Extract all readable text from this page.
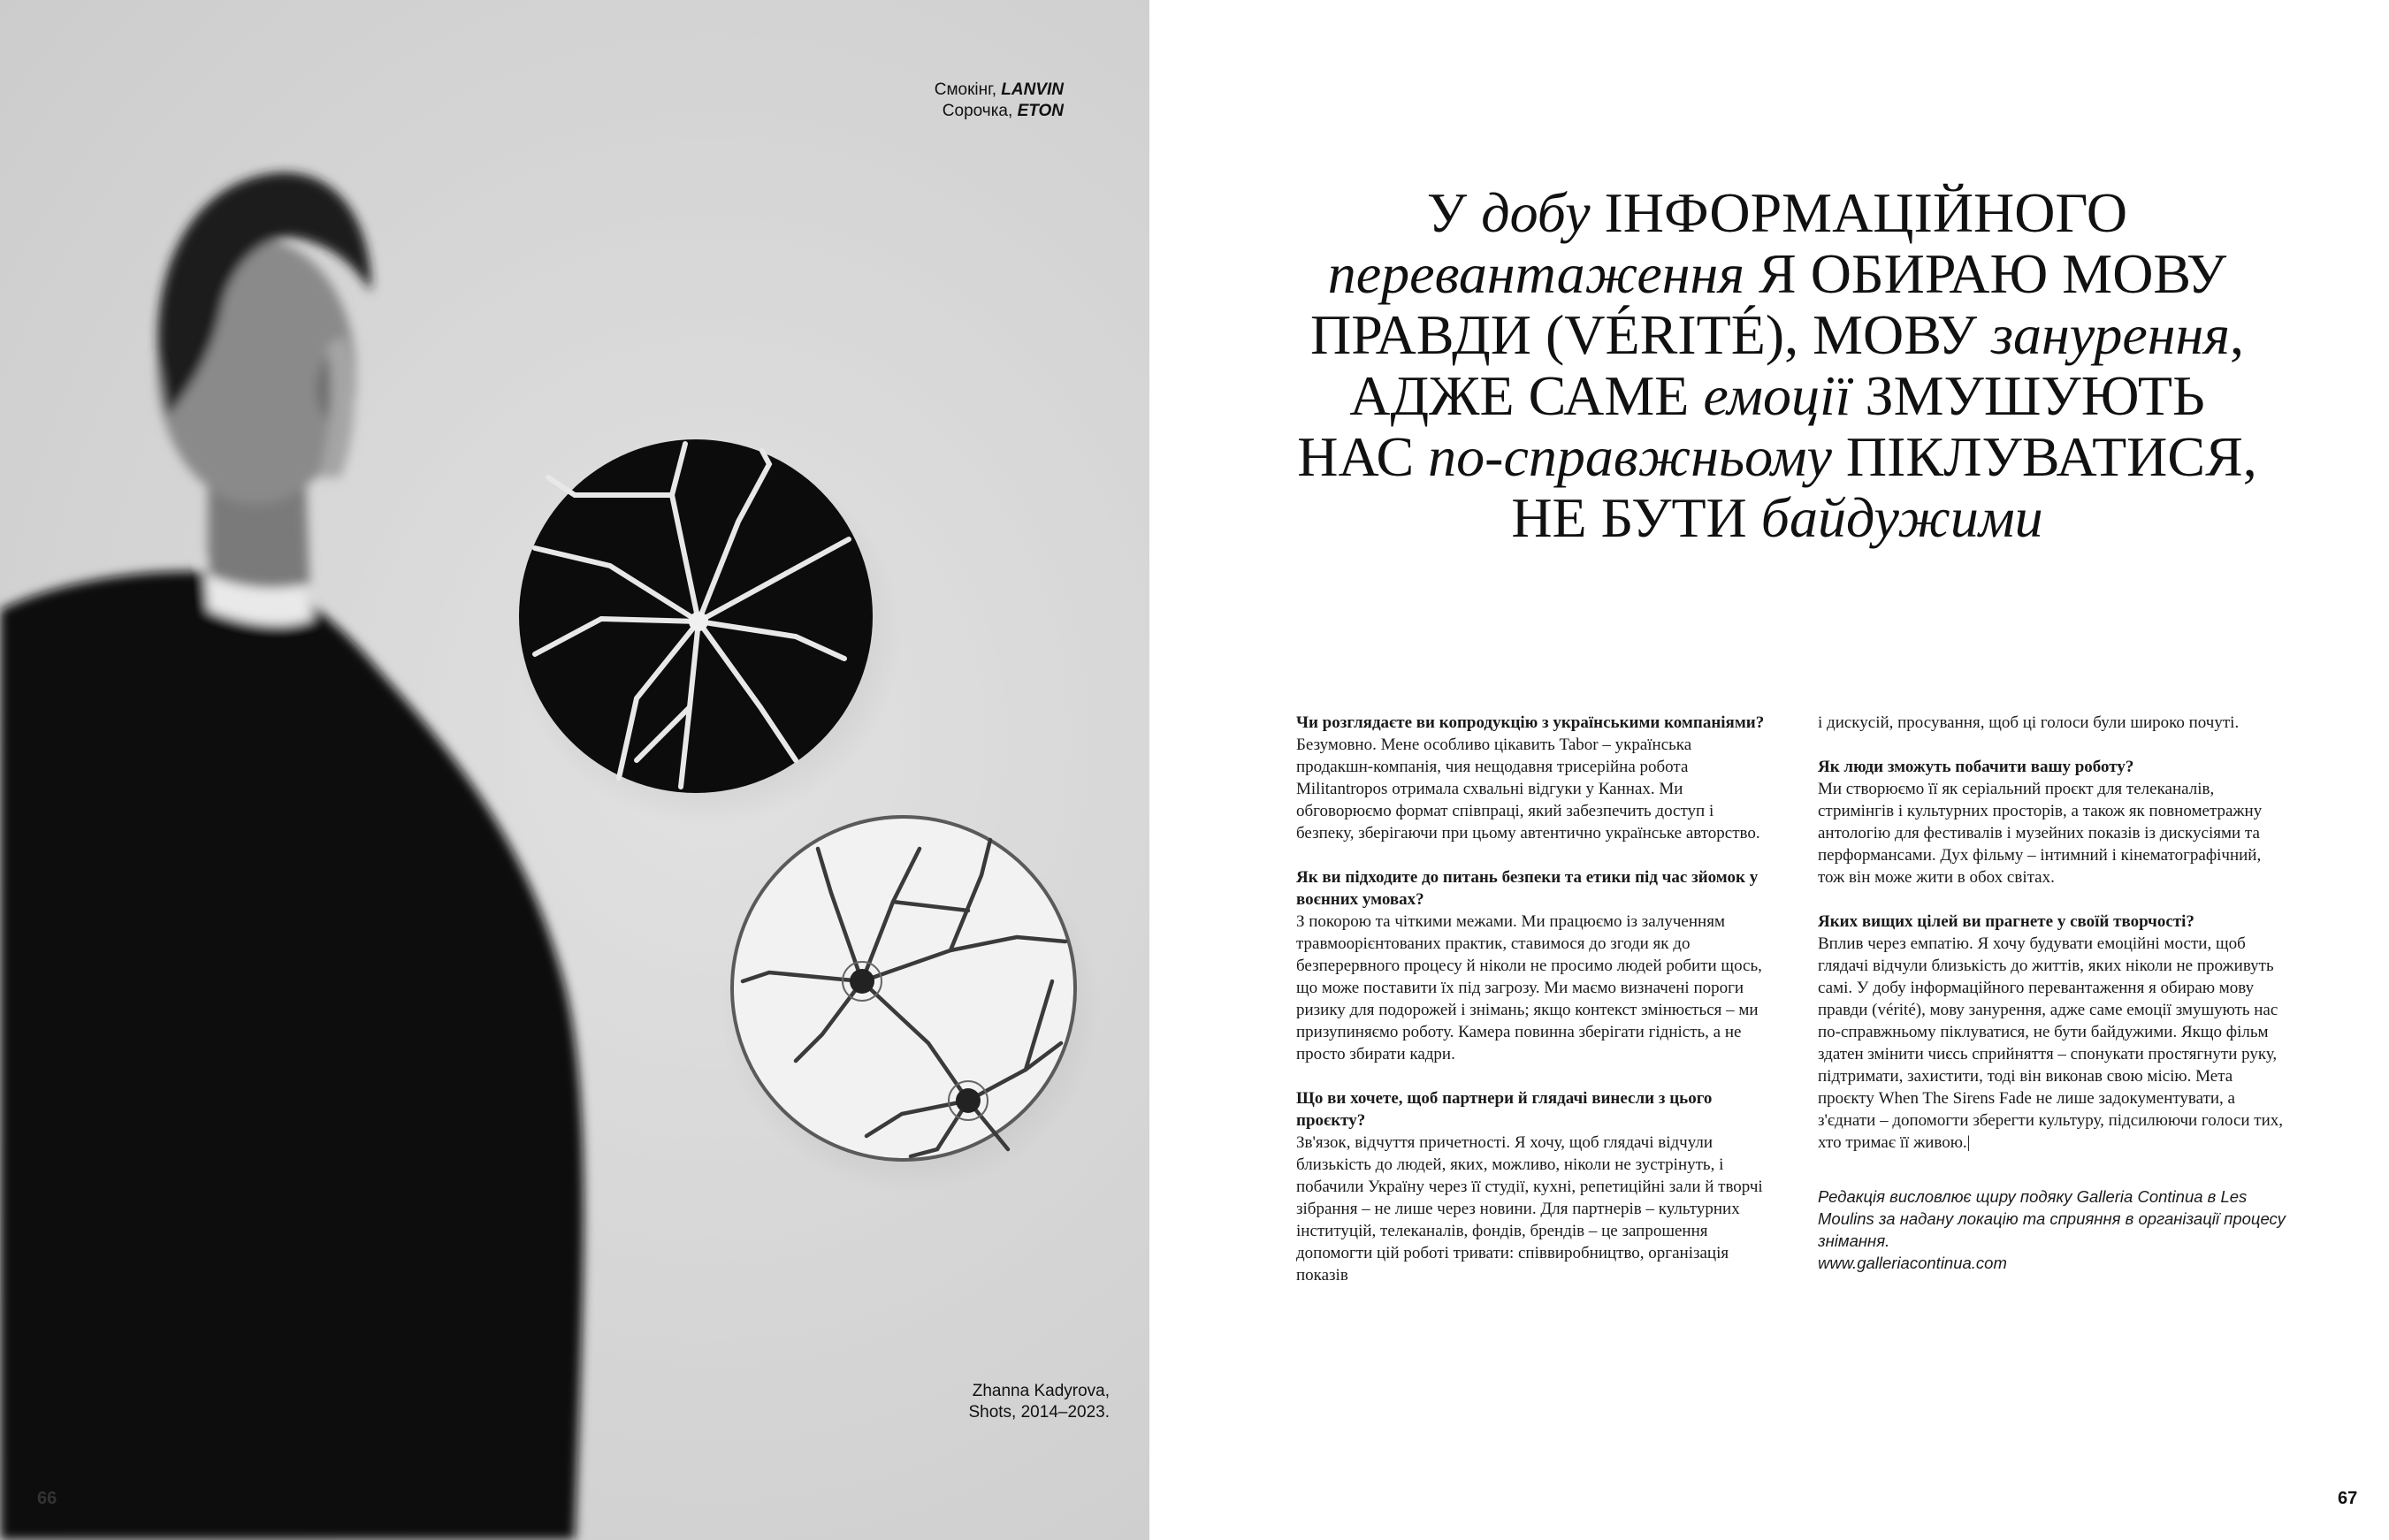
Смокінг, LANVIN
Сорочка, ETON
Zhanna Kadyrova,
Shots, 2014–2023.
66
У добу ІНФОРМАЦІЙНОГО
перевантаження Я ОБИРАЮ МОВУ
ПРАВДИ (VÉRITÉ), МОВУ занурення,
АДЖЕ САМЕ емоції ЗМУШУЮТЬ
НАС по-справжньому ПІКЛУВАТИСЯ,
НЕ БУТИ байдужими

Чи розглядаєте ви копродукцію з українськими компаніями?
Безумовно. Мене особливо цікавить Tabor – українська продакшн-компанія, чия нещодавня трисерійна робота Militantropos отримала схвальні відгуки у Каннах. Ми обговорюємо формат співпраці, який забезпечить доступ і безпеку, зберігаючи при цьому автентично українське авторство.

Як ви підходите до питань безпеки та етики під час зйомок у воєнних умовах?
З покорою та чіткими межами. Ми працюємо із залученням травмоорієнтованих практик, ставимося до згоди як до безперервного процесу й ніколи не просимо людей робити щось, що може поставити їх під загрозу. Ми маємо визначені пороги ризику для подорожей і знімань; якщо контекст змінюється – ми призупиняємо роботу. Камера повинна зберігати гідність, а не просто збирати кадри.

Що ви хочете, щоб партнери й глядачі винесли з цього проєкту?
Зв'язок, відчуття причетності. Я хочу, щоб глядачі відчули близькість до людей, яких, можливо, ніколи не зустрінуть, і побачили Україну через її студії, кухні, репетиційні зали й творчі зібрання – не лише через новини. Для партнерів – культурних інституцій, телеканалів, фондів, брендів – це запрошення допомогти цій роботі тривати: співвиробництво, організація показів

і дискусій, просування, щоб ці голоси були широко почуті.

Як люди зможуть побачити вашу роботу?
Ми створюємо її як серіальний проєкт для телеканалів, стримінгів і культурних просторів, а також як повнометражну антологію для фестивалів і музейних показів із дискусіями та перформансами. Дух фільму – інтимний і кінематографічний, тож він може жити в обох світах.

Яких вищих цілей ви прагнете у своїй творчості?
Вплив через емпатію. Я хочу будувати емоційні мости, щоб глядачі відчули близькість до життів, яких ніколи не проживуть самі. У добу інформаційного перевантаження я обираю мову правди (vérité), мову занурення, адже саме емоції змушують нас по-справжньому піклуватися, не бути байдужими. Якщо фільм здатен змінити чиєсь сприйняття – спонукати простягнути руку, підтримати, захистити, тоді він виконав свою місію. Мета проєкту When The Sirens Fade не лише задокументувати, а з'єднати – допомогти зберегти культуру, підсилюючи голоси тих, хто тримає її живою.|

Редакція висловлює щиру подяку Galleria Continua в Les Moulins за надану локацію та сприяння в організації процесу знімання.
www.galleriacontinua.com
67
